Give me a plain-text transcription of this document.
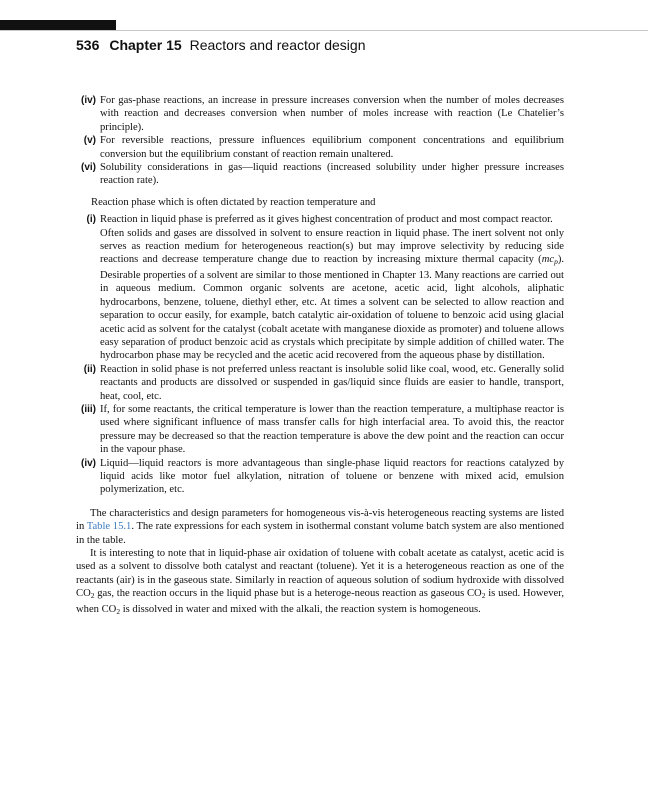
536 Chapter 15 Reactors and reactor design
(iv) For gas-phase reactions, an increase in pressure increases conversion when the number of moles decreases with reaction and decreases conversion when number of moles increase with reaction (Le Chatelier’s principle).
(v) For reversible reactions, pressure influences equilibrium component concentrations and equilibrium conversion but the equilibrium constant of reaction remain unaltered.
(vi) Solubility considerations in gas—liquid reactions (increased solubility under higher pressure increases reaction rate).
Reaction phase which is often dictated by reaction temperature and
(i) Reaction in liquid phase is preferred as it gives highest concentration of product and most compact reactor.
Often solids and gases are dissolved in solvent to ensure reaction in liquid phase. The inert solvent not only serves as reaction medium for heterogeneous reaction(s) but may improve selectivity by reducing side reactions and decrease temperature change due to reaction by increasing mixture thermal capacity $(mc_p)$. Desirable properties of a solvent are similar to those mentioned in Chapter 13. Many reactions are carried out in aqueous medium. Common organic solvents are acetone, acetic acid, light alcohols, aliphatic hydrocarbons, benzene, toluene, diethyl ether, etc. At times a solvent can be selected to allow reaction and separation to occur easily, for example, batch catalytic air-oxidation of toluene to benzoic acid using glacial acetic acid as solvent for the catalyst (cobalt acetate with manganese dioxide as promoter) and toluene allows easy separation of product benzoic acid as crystals which precipitate by simple addition of chilled water. The hydrocarbon phase may be recycled and the acetic acid recovered from the aqueous phase by distillation.
(ii) Reaction in solid phase is not preferred unless reactant is insoluble solid like coal, wood, etc. Generally solid reactants and products are dissolved or suspended in gas/liquid since fluids are easier to handle, transport, heat, cool, etc.
(iii) If, for some reactants, the critical temperature is lower than the reaction temperature, a multiphase reactor is used where significant influence of mass transfer calls for high interfacial area. To avoid this, the reactor pressure may be decreased so that the reaction temperature is above the dew point and the reaction can occur in the vapour phase.
(iv) Liquid—liquid reactors is more advantageous than single-phase liquid reactors for reactions catalyzed by liquid acids like motor fuel alkylation, nitration of toluene or benzene with mixed acid, emulsion polymerization, etc.
The characteristics and design parameters for homogeneous vis-à-vis heterogeneous reacting systems are listed in Table 15.1. The rate expressions for each system in isothermal constant volume batch system are also mentioned in the table.
It is interesting to note that in liquid-phase air oxidation of toluene with cobalt acetate as catalyst, acetic acid is used as a solvent to dissolve both catalyst and reactant (toluene). Yet it is a heterogeneous reaction as one of the reactants (air) is in the gaseous state. Similarly in reaction of aqueous solution of sodium hydroxide with dissolved $CO_2$ gas, the reaction occurs in the liquid phase but is a heteroge-neous reaction as gaseous $CO_2$ is used. However, when $CO_2$ is dissolved in water and mixed with the alkali, the reaction system is homogeneous.
